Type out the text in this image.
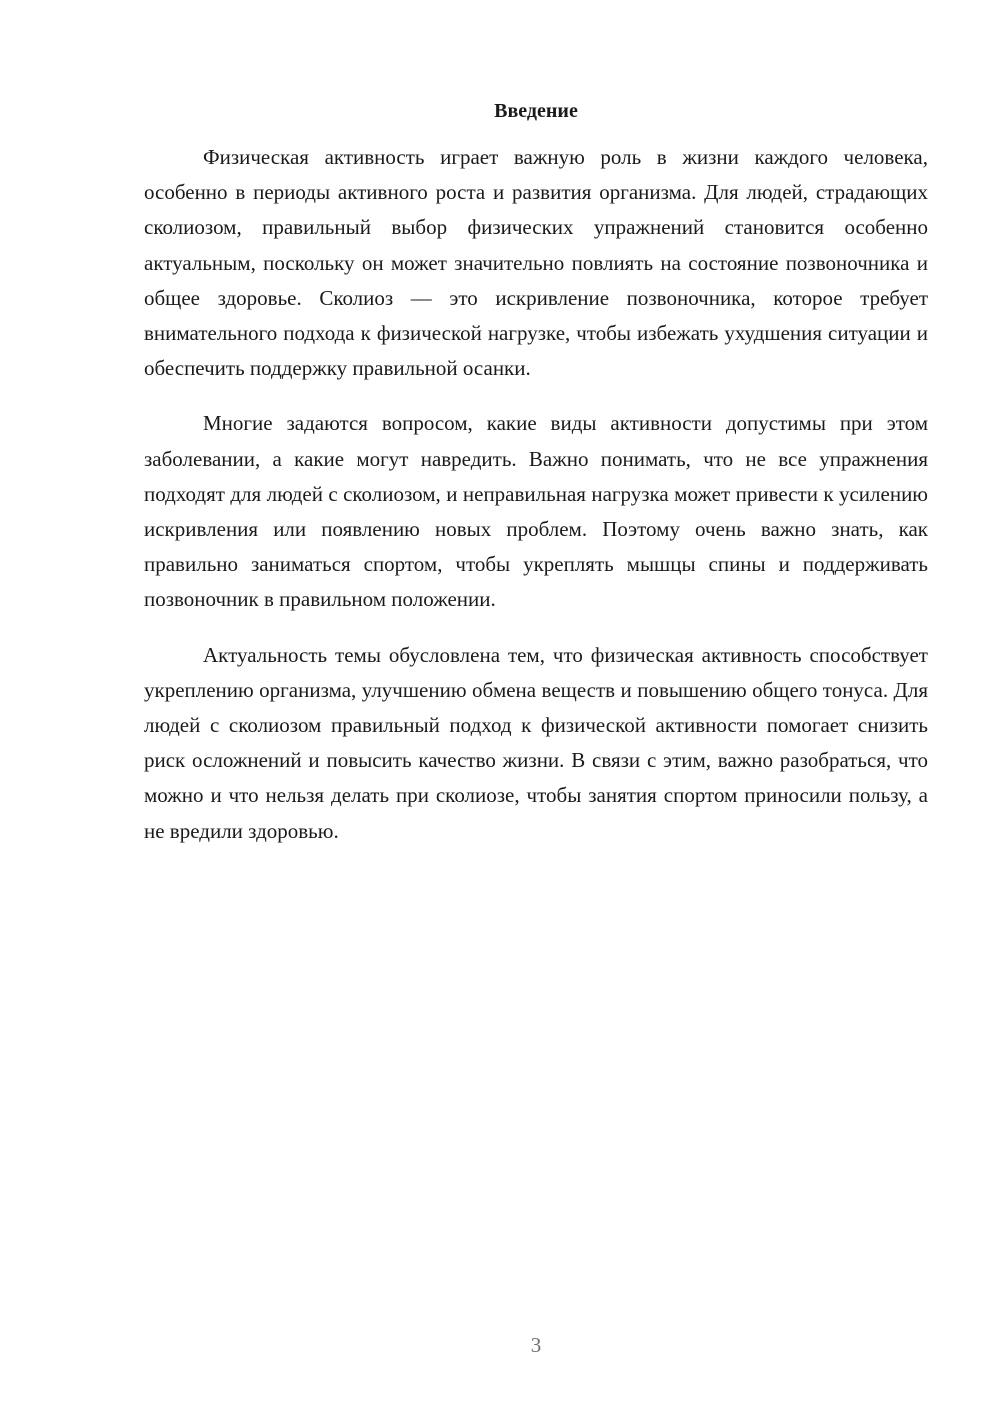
Введение

Физическая активность играет важную роль в жизни каждого человека, особенно в периоды активного роста и развития организма. Для людей, страдающих сколиозом, правильный выбор физических упражнений становится особенно актуальным, поскольку он может значительно повлиять на состояние позвоночника и общее здоровье. Сколиоз — это искривление позвоночника, которое требует внимательного подхода к физической нагрузке, чтобы избежать ухудшения ситуации и обеспечить поддержку правильной осанки.

Многие задаются вопросом, какие виды активности допустимы при этом заболевании, а какие могут навредить. Важно понимать, что не все упражнения подходят для людей с сколиозом, и неправильная нагрузка может привести к усилению искривления или появлению новых проблем. Поэтому очень важно знать, как правильно заниматься спортом, чтобы укреплять мышцы спины и поддерживать позвоночник в правильном положении.

Актуальность темы обусловлена тем, что физическая активность способствует укреплению организма, улучшению обмена веществ и повышению общего тонуса. Для людей с сколиозом правильный подход к физической активности помогает снизить риск осложнений и повысить качество жизни. В связи с этим, важно разобраться, что можно и что нельзя делать при сколиозе, чтобы занятия спортом приносили пользу, а не вредили здоровью.

3
